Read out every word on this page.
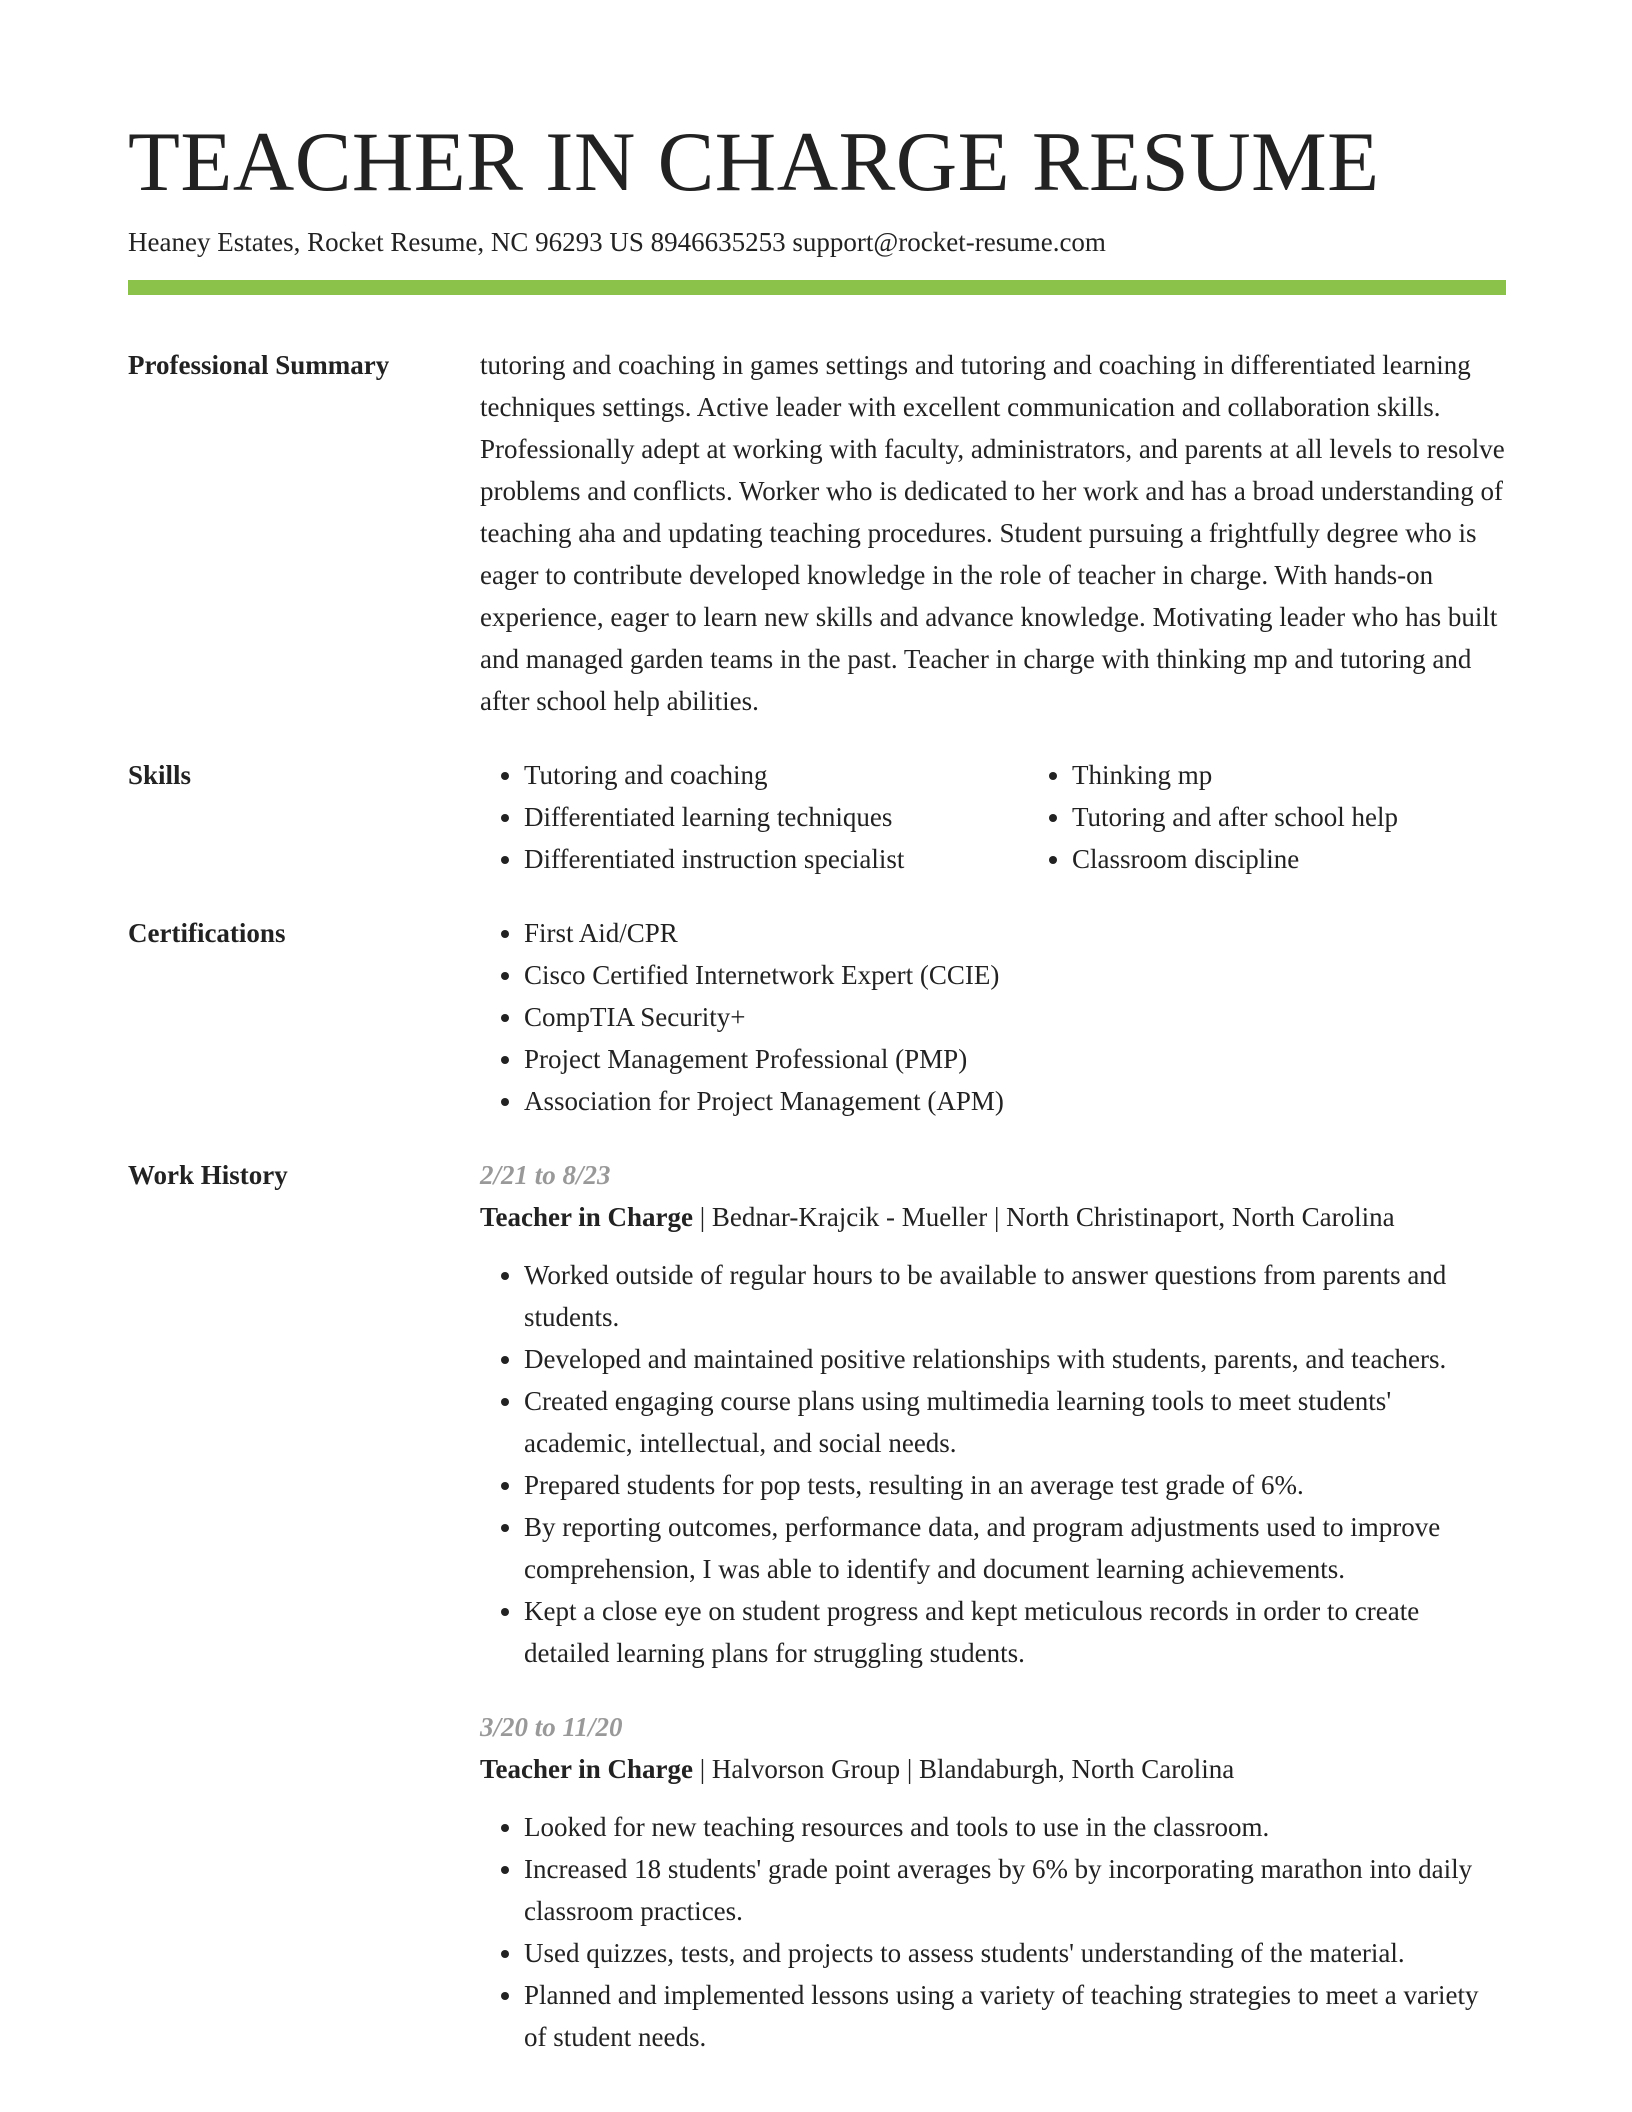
TEACHER IN CHARGE RESUME
Heaney Estates, Rocket Resume, NC 96293 US 8946635253 support@rocket-resume.com
Professional Summary	tutoring and coaching in games settings and tutoring and coaching in differentiated learning techniques settings. Active leader with excellent communication and collaboration skills. Professionally adept at working with faculty, administrators, and parents at all levels to resolve problems and conflicts. Worker who is dedicated to her work and has a broad understanding of teaching aha and updating teaching procedures. Student pursuing a frightfully degree who is eager to contribute developed knowledge in the role of teacher in charge. With hands-on experience, eager to learn new skills and advance knowledge. Motivating leader who has built and managed garden teams in the past. Teacher in charge with thinking mp and tutoring and after school help abilities.
Skills	• Tutoring and coaching
• Differentiated learning techniques
• Differentiated instruction specialist
• Thinking mp
• Tutoring and after school help
• Classroom discipline
Certifications	• First Aid/CPR
• Cisco Certified Internetwork Expert (CCIE)
• CompTIA Security+
• Project Management Professional (PMP)
• Association for Project Management (APM)
Work History	2/21 to 8/23
Teacher in Charge | Bednar-Krajcik - Mueller | North Christinaport, North Carolina
• Worked outside of regular hours to be available to answer questions from parents and students.
• Developed and maintained positive relationships with students, parents, and teachers.
• Created engaging course plans using multimedia learning tools to meet students' academic, intellectual, and social needs.
• Prepared students for pop tests, resulting in an average test grade of 6%.
• By reporting outcomes, performance data, and program adjustments used to improve comprehension, I was able to identify and document learning achievements.
• Kept a close eye on student progress and kept meticulous records in order to create detailed learning plans for struggling students.
3/20 to 11/20
Teacher in Charge | Halvorson Group | Blandaburgh, North Carolina
• Looked for new teaching resources and tools to use in the classroom.
• Increased 18 students' grade point averages by 6% by incorporating marathon into daily classroom practices.
• Used quizzes, tests, and projects to assess students' understanding of the material.
• Planned and implemented lessons using a variety of teaching strategies to meet a variety of student needs.
